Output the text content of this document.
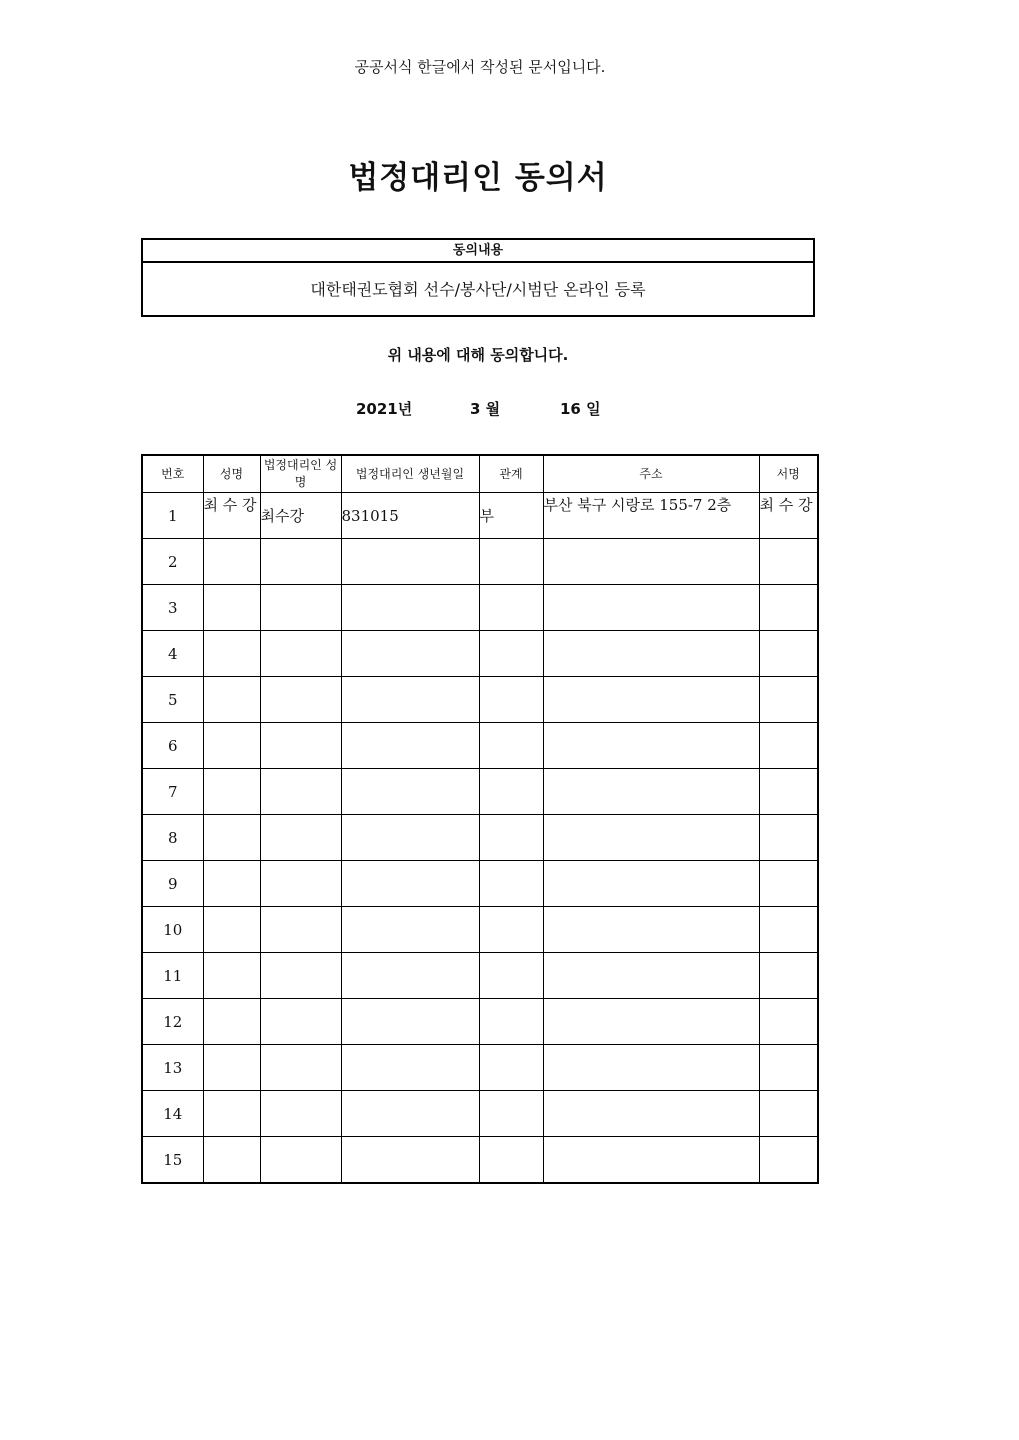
공공서식 한글에서 작성된 문서입니다.
법정대리인 동의서
동의내용
대한태권도협회 선수/봉사단/시범단 온라인 등록
위 내용에 대해 동의합니다.
2021년	3 월	16 일
번호	성명	법정대리인 성명	법정대리인 생년월일	관계	주소	서명
1	최 수 강	최수강	831015	부	부산 북구 시랑로 155-7 2층	최 수 강
2						
3						
4						
5						
6						
7						
8						
9						
10						
11						
12						
13						
14						
15						
